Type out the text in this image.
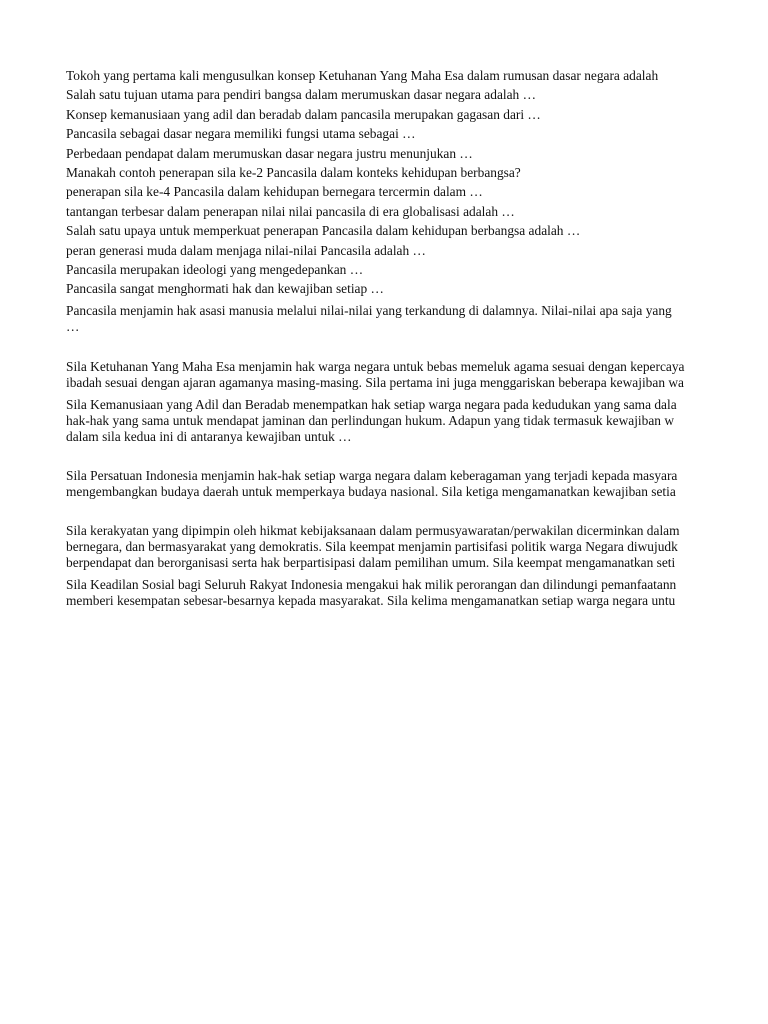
Tokoh yang pertama kali mengusulkan konsep Ketuhanan Yang Maha Esa dalam rumusan dasar negara adalah

Salah satu tujuan utama para pendiri bangsa dalam merumuskan dasar negara adalah …

Konsep kemanusiaan yang adil dan beradab dalam pancasila merupakan gagasan dari …

Pancasila sebagai dasar negara memiliki fungsi utama sebagai …

Perbedaan pendapat dalam merumuskan dasar negara justru menunjukan …

Manakah contoh penerapan sila ke-2 Pancasila dalam konteks kehidupan berbangsa?

penerapan sila ke-4 Pancasila dalam kehidupan bernegara tercermin dalam …

tantangan terbesar dalam penerapan nilai nilai pancasila di era globalisasi adalah …

Salah satu upaya untuk memperkuat penerapan Pancasila dalam kehidupan berbangsa adalah …

peran generasi muda dalam menjaga nilai-nilai Pancasila adalah …

Pancasila merupakan ideologi yang mengedepankan …

Pancasila sangat menghormati hak dan kewajiban setiap …

Pancasila menjamin hak asasi manusia melalui nilai-nilai yang terkandung di dalamnya. Nilai-nilai apa saja yang
…
Sila Ketuhanan Yang Maha Esa menjamin hak warga negara untuk bebas memeluk agama sesuai dengan kepercaya
ibadah sesuai dengan ajaran agamanya masing-masing. Sila pertama ini juga menggariskan beberapa kewajiban wa
Sila Kemanusiaan yang Adil dan Beradab menempatkan hak setiap warga negara pada kedudukan yang sama dala
hak-hak yang sama untuk mendapat jaminan dan perlindungan hukum. Adapun yang tidak termasuk kewajiban w
dalam sila kedua ini di antaranya kewajiban untuk …
Sila Persatuan Indonesia menjamin hak-hak setiap warga negara dalam keberagaman yang terjadi kepada masyara
mengembangkan budaya daerah untuk memperkaya budaya nasional. Sila ketiga mengamanatkan kewajiban setia
Sila kerakyatan yang dipimpin oleh hikmat kebijaksanaan dalam permusyawaratan/perwakilan dicerminkan dalam
bernegara, dan bermasyarakat yang demokratis. Sila keempat menjamin partisifasi politik warga Negara diwujudk
berpendapat dan berorganisasi serta hak berpartisipasi dalam pemilihan umum. Sila keempat mengamanatkan seti
Sila Keadilan Sosial bagi Seluruh Rakyat Indonesia mengakui hak milik perorangan dan dilindungi pemanfaatann
memberi kesempatan sebesar-besarnya kepada masyarakat. Sila kelima mengamanatkan setiap warga negara untu
